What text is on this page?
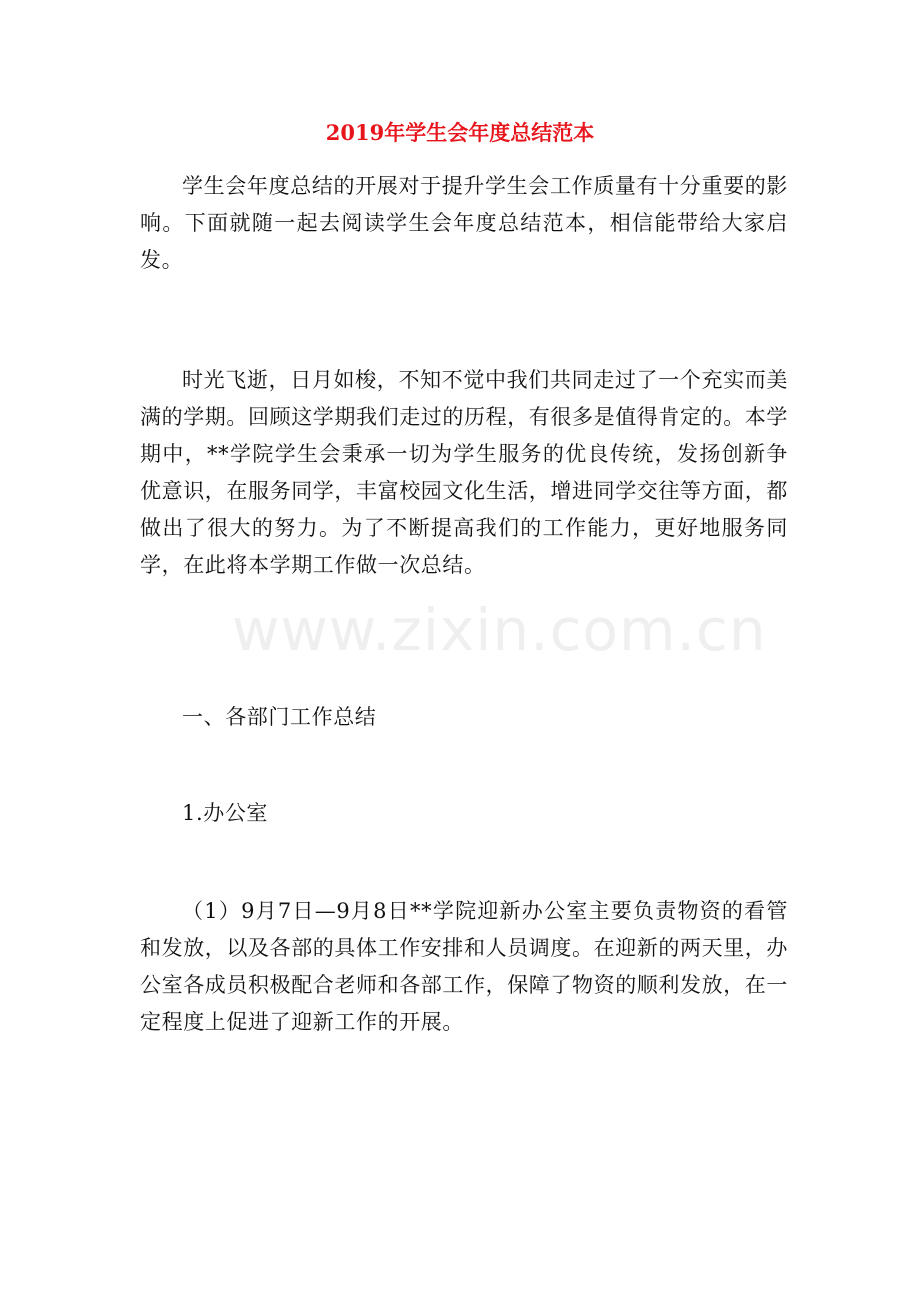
2019年学生会年度总结范本

学生会年度总结的开展对于提升学生会工作质量有十分重要的影响。下面就随一起去阅读学生会年度总结范本，相信能带给大家启发。

时光飞逝，日月如梭，不知不觉中我们共同走过了一个充实而美满的学期。回顾这学期我们走过的历程，有很多是值得肯定的。本学期中，**学院学生会秉承一切为学生服务的优良传统，发扬创新争优意识，在服务同学，丰富校园文化生活，增进同学交往等方面，都做出了很大的努力。为了不断提高我们的工作能力，更好地服务同学，在此将本学期工作做一次总结。

www.zixin.com.cn

一、各部门工作总结

1.办公室

（1）9月7日—9月8日**学院迎新办公室主要负责物资的看管和发放，以及各部的具体工作安排和人员调度。在迎新的两天里，办公室各成员积极配合老师和各部工作，保障了物资的顺利发放，在一定程度上促进了迎新工作的开展。
